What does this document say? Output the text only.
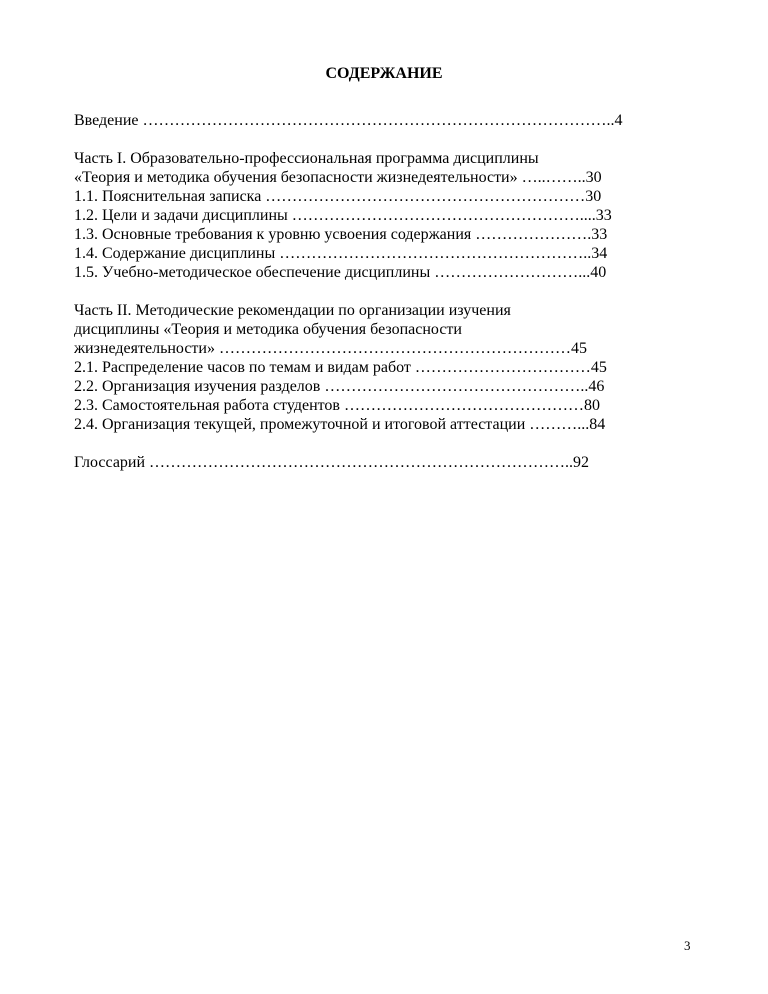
СОДЕРЖАНИЕ
Введение ……………………………………………………………………………..4
Часть I. Образовательно-профессиональная программа дисциплины
«Теория и методика обучения безопасности жизнедеятельности» …..……..30
1.1. Пояснительная записка ……………………………………………………30
1.2. Цели и задачи дисциплины ………………………………………………....33
1.3. Основные требования к уровню усвоения содержания ………………….33
1.4. Содержание дисциплины …………………………………………………..34
1.5. Учебно-методическое обеспечение дисциплины ………………………...40
Часть II. Методические рекомендации по организации изучения
дисциплины «Теория и методика обучения безопасности
жизнедеятельности» …………………………………………………………45
2.1. Распределение часов по темам и видам работ ……………………………45
2.2. Организация изучения разделов …………………………………………..46
2.3. Самостоятельная работа студентов ………………………………………80
2.4. Организация текущей, промежуточной и итоговой аттестации ………...84
Глоссарий ……………………………………………………………………..92
3
